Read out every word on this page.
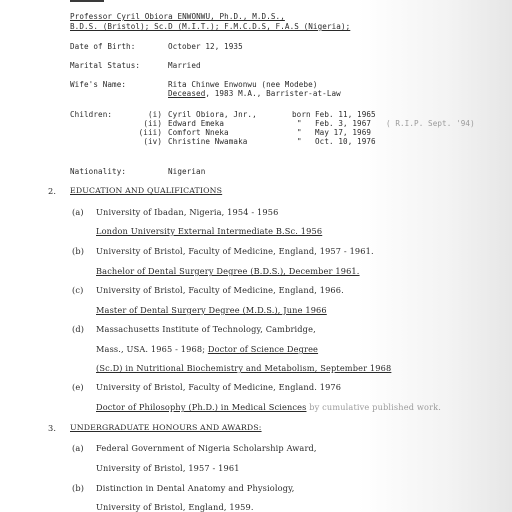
Professor Cyril Obiora ENWONWU, Ph.D., M.D.S.,
B.D.S. (Bristol); Sc.D (M.I.T.); F.M.C.D.S, F.A.S (Nigeria);
Date of Birth:	October 12, 1935
Marital Status:	Married
Wife's Name:	Rita Chinwe Enwonwu (nee Modebe)
Deceased, 1983 M.A., Barrister-at-Law
Children:	(i) Cyril Obiora, Jnr.,	born Feb. 11, 1965
(ii) Edward Emeka	" Feb. 3, 1967 ( R.I.P. Sept. '94)
(iii) Comfort Nneka	" May 17, 1969
(iv) Christine Nwamaka	" Oct. 10, 1976
Nationality:	Nigerian
2. EDUCATION AND QUALIFICATIONS
(a) University of Ibadan, Nigeria, 1954 - 1956
London University External Intermediate B.Sc. 1956
(b) University of Bristol, Faculty of Medicine, England, 1957 - 1961.
Bachelor of Dental Surgery Degree (B.D.S.), December 1961.
(c) University of Bristol, Faculty of Medicine, England, 1966.
Master of Dental Surgery Degree (M.D.S.), June 1966
(d) Massachusetts Institute of Technology, Cambridge,
Mass., USA. 1965 - 1968; Doctor of Science Degree
(Sc.D) in Nutritional Biochemistry and Metabolism, September 1968
(e) University of Bristol, Faculty of Medicine, England. 1976
Doctor of Philosophy (Ph.D.) in Medical Sciences by cumulative published work.
3. UNDERGRADUATE HONOURS AND AWARDS:
(a) Federal Government of Nigeria Scholarship Award,
University of Bristol, 1957 - 1961
(b) Distinction in Dental Anatomy and Physiology,
University of Bristol, England, 1959.
